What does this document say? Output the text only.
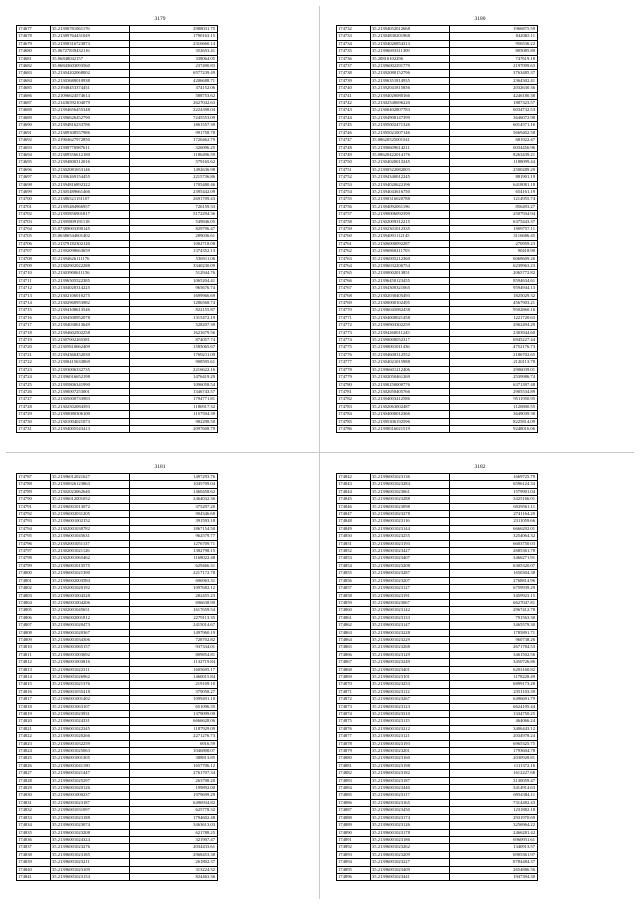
3179
174677	35.21390781061176	2988031.75
174678	35.21389764431049	1790163.15
174679	35.21390316723873	2316660.14
174680	35.06727839432116	352653.41
174681	35.06848042157	338064.05
174682	35.06843603093560	237490.83
174683	35.21304202068002	6577239.49
174684	35.21303680010938	4206688.71
174685	35.21948453374451	374152.06
174686	35.21096624574614	588753.62
174687	35.21436592104079	2627042.63
174688	35.21394656455348	2224398.04
174689	35.21396626452790	7245553.09
174690	35.21394816233786	1861557.39
174691	35.21389308557986	991758.78
174692	35.21904627972850	1720462.79
174693	35.21390776987611	326096.25
174694	35.21389556612180	1186496.59
174695	35.21394800312016	579165.62
174696	35.21302081653146	1492636.98
174697	35.21396269154455	2215736.86
174698	35.21394816892322	1705480.46
174699	35.21305489661466	2395442.09
174700	35.21386521151107	2691709.43
174701	35.21395484966957	726159.33
174702	35.21395856901817	5172294.36
174703	35.21395809191118	549846.05
174704	35.07389003390145	829796.47
174705	35.06386544601402	289036.61
174706	35.21379182302120	1002718.08
174707	35.21392098663659	1374352.13
174708	35.21394626111176	536911.06
174709	35.21302902022288	3340230.09
174710	35.21303900611156	512944.76
174711	35.21396505522385	1065204.41
174712	35.21304020314225	965676.74
174713	35.21302106010275	1699966.69
174714	35.21302960953982	1286568.74
174715	35.21394108613546	822155.87
174716	35.21394500952078	1315472.19
174717	35.21394030613649	528207.39
174718	35.21394602502258	1621679.56
174719	35.21307002265381	874057.74
174720	35.21305810662409	1585065.67
174721	35.21394360452030	1769211.09
174722	35.21390415633869	908595.61
174723	35.21393006332735	2216622.16
174724	35.21396016652198	1476419.29
174725	35.21395806341990	1096058.54
174726	35.21390007253001	1346743.57
174727	35.21305000733983	1794771.81
174728	35.21302502084393	1186917.32
174729	35.21390080306100	1157504.39
174730	35.21301004021073	982298.50
174731	35.21394005543413	2097608.79
3180
174732	35.21394052012668	1966875.59
174733	35.21304830201968	842065.11
174734	35.21304026854313	956536.22
174735	35.21396693311309	805085.80
174736	35.20816102296	747619.18
174737	35.21396002291779	2197099.63
174738	35.21392080152796	3763485.37
174739	35.21396351814935	2364302.41
174740	35.21392041815856	2032630.36
174741	35.21394020080166	4246180.38
174742	35.21302540696220	1887323.57
174743	35.21300402807783	6034732.53
174744	35.21394908147399	3646072.98
174745	35.21395002471326	6014571.16
174746	35.21395021007146	5669402.58
174747	35.08620525001541	681922.47
174748	35.21390609614211	6034456.96
174749	35.08620422014176	8263439.21
174750	35.21304020013245	1188099.44
174751	35.21390522082003	2500289.29
174752	35.21394340012245	881901.19
174753	35.21394020622196	6418081.18
174754	35.21394043616750	654161.19
174755	35.21390316020788	1214955.74
174756	35.21394092061196	856493.27
174757	35.21390006092399	2507934.94
174758	35.21302009312215	6375443.37
174759	35.21392301012335	1909757.11
174760	35.21394091112145	3116686.45
174761	35.21306000092287	270959.23
174762	35.21396860211703	90418.90
174763	35.21396005212360	6068609.26
174764	35.21396032206754	6239963.23
174765	35.21390002013851	2065772.82
174766	35.21396450123455	8594634.61
174767	35.21394300321065	9594944.13
174768	35.21302030405493	1825029.32
174769	35.21300000102495	4567903.21
174770	35.21396045082458	9502860.16
174771	35.21304000021458	1221720.63
174772	35.21390903302259	2962494.29
174773	35.21394260011245	2303944.60
174774	35.21390000052317	6945227.44
174775	35.21390001011436	4752176.73
174776	35.21394600312552	2186702.65
174777	35.21304021015988	2120113.78
174778	35.21396601212406	2906039.01
174779	35.21302050461269	2539986.74
174780	35.21390250000776	6371397.48
174781	35.21302050405766	2905534.89
174782	35.21394003412586	9511950.95
174783	35.21302063002487	1120800.55
174784	35.21304000012366	3649039.38
174785	35.21395306192596	8225814.09
174786	35.21390016021519	9248016.06
3181
174787	35.21396012021627	1497293.76
174788	35.21390026123863	1045709.04
174789	35.21302023062640	1460458.62
174790	35.21396012001052	2464032.36
174791	35.21396001013072	375297.20
174792	35.21396002031205	904346.68
174793	35.21396001002152	391593.18
174794	35.21302001030782	1867154.50
174795	35.21396001045631	962579.77
174796	35.21392001051137	1276709.71
174797	35.21302001021126	1382798.15
174798	35.21302001065462	1168022.48
174799	35.21396001013575	629466.31
174800	35.21396001021390	2217172.78
174801	35.21396002003584	696963.31
174802	35.21392001020192	1097682.12
174803	35.21396001004328	282455.23
174804	35.21396001004206	696638.90
174805	35.21302001045651	1617659.54
174806	35.21396002001812	2279113.35
174807	35.21396001020473	2415014.67
174808	35.21396001020367	1497960.19
174809	35.21396001034306	728702.82
174810	35.21396001065157	937334.01
174811	35.21396001003692	809854.81
174812	35.21396001003816	1132719.84
174813	35.21396001022311	1605695.17
174814	35.21396001026962	1460015.84
174815	35.21396001021376	219109.10
174816	35.21396001035418	379058.27
174817	35.21396001001402	1099491.10
174818	35.21396001063107	651096.35
174819	35.21396001023931	1379099.00
174820	35.21396001024331	6666628.06
174821	35.21396001022345	1187929.09
174822	35.21396001020266	2271276.73
174823	35.21396001032259	6916.59
174824	35.21396001025063	1046808.07
174825	35.21396001001305	388813.85
174826	35.21396001041190	1657706.12
174827	35.21396001021447	2761707.34
174828	35.21396001025297	263798.20
174829	35.21396001020126	199892.00
174830	35.21396001000237	1979699.29
174831	35.21396001023187	6496934.82
174832	35.21396001031097	625778.32
174833	35.21396001023188	1794602.48
174834	35.21396001023074	3463613.03
174835	35.21396001023208	621788.25
174836	35.21396001024324	321907.47
174837	35.21396001023276	2034433.61
174838	35.21396001023185	2968453.38
174839	35.21396001023211	261802.37
174840	35.21396001023109	313224.32
174841	35.21396001023154	824463.36
3182
174842	35.21396001023136	1669725.79
174843	35.21396001023284	6596124.34
174844	35.21396001023061	1579901.04
174845	35.21396001023288	3425166.01
174846	35.21396001023098	6929561.11
174847	35.21396001023278	2741164.20
174848	35.21396001023116	2311059.66
174849	35.21396001023144	6666292.01
174850	35.21396001023255	3254064.32
174851	35.21396001023193	6603750.03
174852	35.21396001023427	2685361.78
174853	35.21396001023407	3466271.91
174854	35.21396001023208	6305320.07
174855	35.21396001023287	1650304.38
174856	35.21396001023207	2768814.96
174857	35.21396001023127	6759939.29
174858	35.21396001023191	3459923.15
174859	35.21396001023067	6627047.81
174860	35.21396001023142	2967412.78
174861	35.21396001023133	791563.30
174862	35.21396001023147	3465579.30
174863	35.21396001023228	1785891.71
174864	35.21396001023229	960738.26
174865	35.21396001023268	2671784.53
174866	35.21396001023129	3461502.56
174867	35.21396001023249	3450726.86
174868	35.21396001023401	6203160.82
174869	35.21396001023101	1178228.49
174870	35.21396001023253	6899173.28
174871	35.21396001023112	2351103.39
174872	35.21396001023267	6496691.79
174873	35.21396001023123	6624195.44
174874	35.21396001023310	1334750.25
174875	35.21396001023115	464066.24
174876	35.21396001023212	3406443.12
174877	35.21396001023121	2034978.24
174878	35.21396001023193	6965325.75
174879	35.21396001023201	1793604.78
174880	35.21396001023160	2030928.81
174881	35.21396001023198	1111372.16
174882	35.21396001023182	1612227.68
174883	35.21396001023187	3130059.47
174884	35.21396001023440	3414914.63
174885	35.21396001023117	6954384.11
174886	35.21396001023165	7314482.43
174887	35.21396001023450	1231882.18
174888	35.21396001023174	2931970.69
174889	35.21396001023126	3256964.22
174890	35.21396001023178	2466281.42
174891	35.21396001023186	6960931.61
174892	35.21396001023262	1340913.57
174893	35.21396001023209	6905361.97
174894	35.21396001023227	8784484.37
174895	35.21396001023409	2654886.56
174896	35.21396001023441	1947394.30
